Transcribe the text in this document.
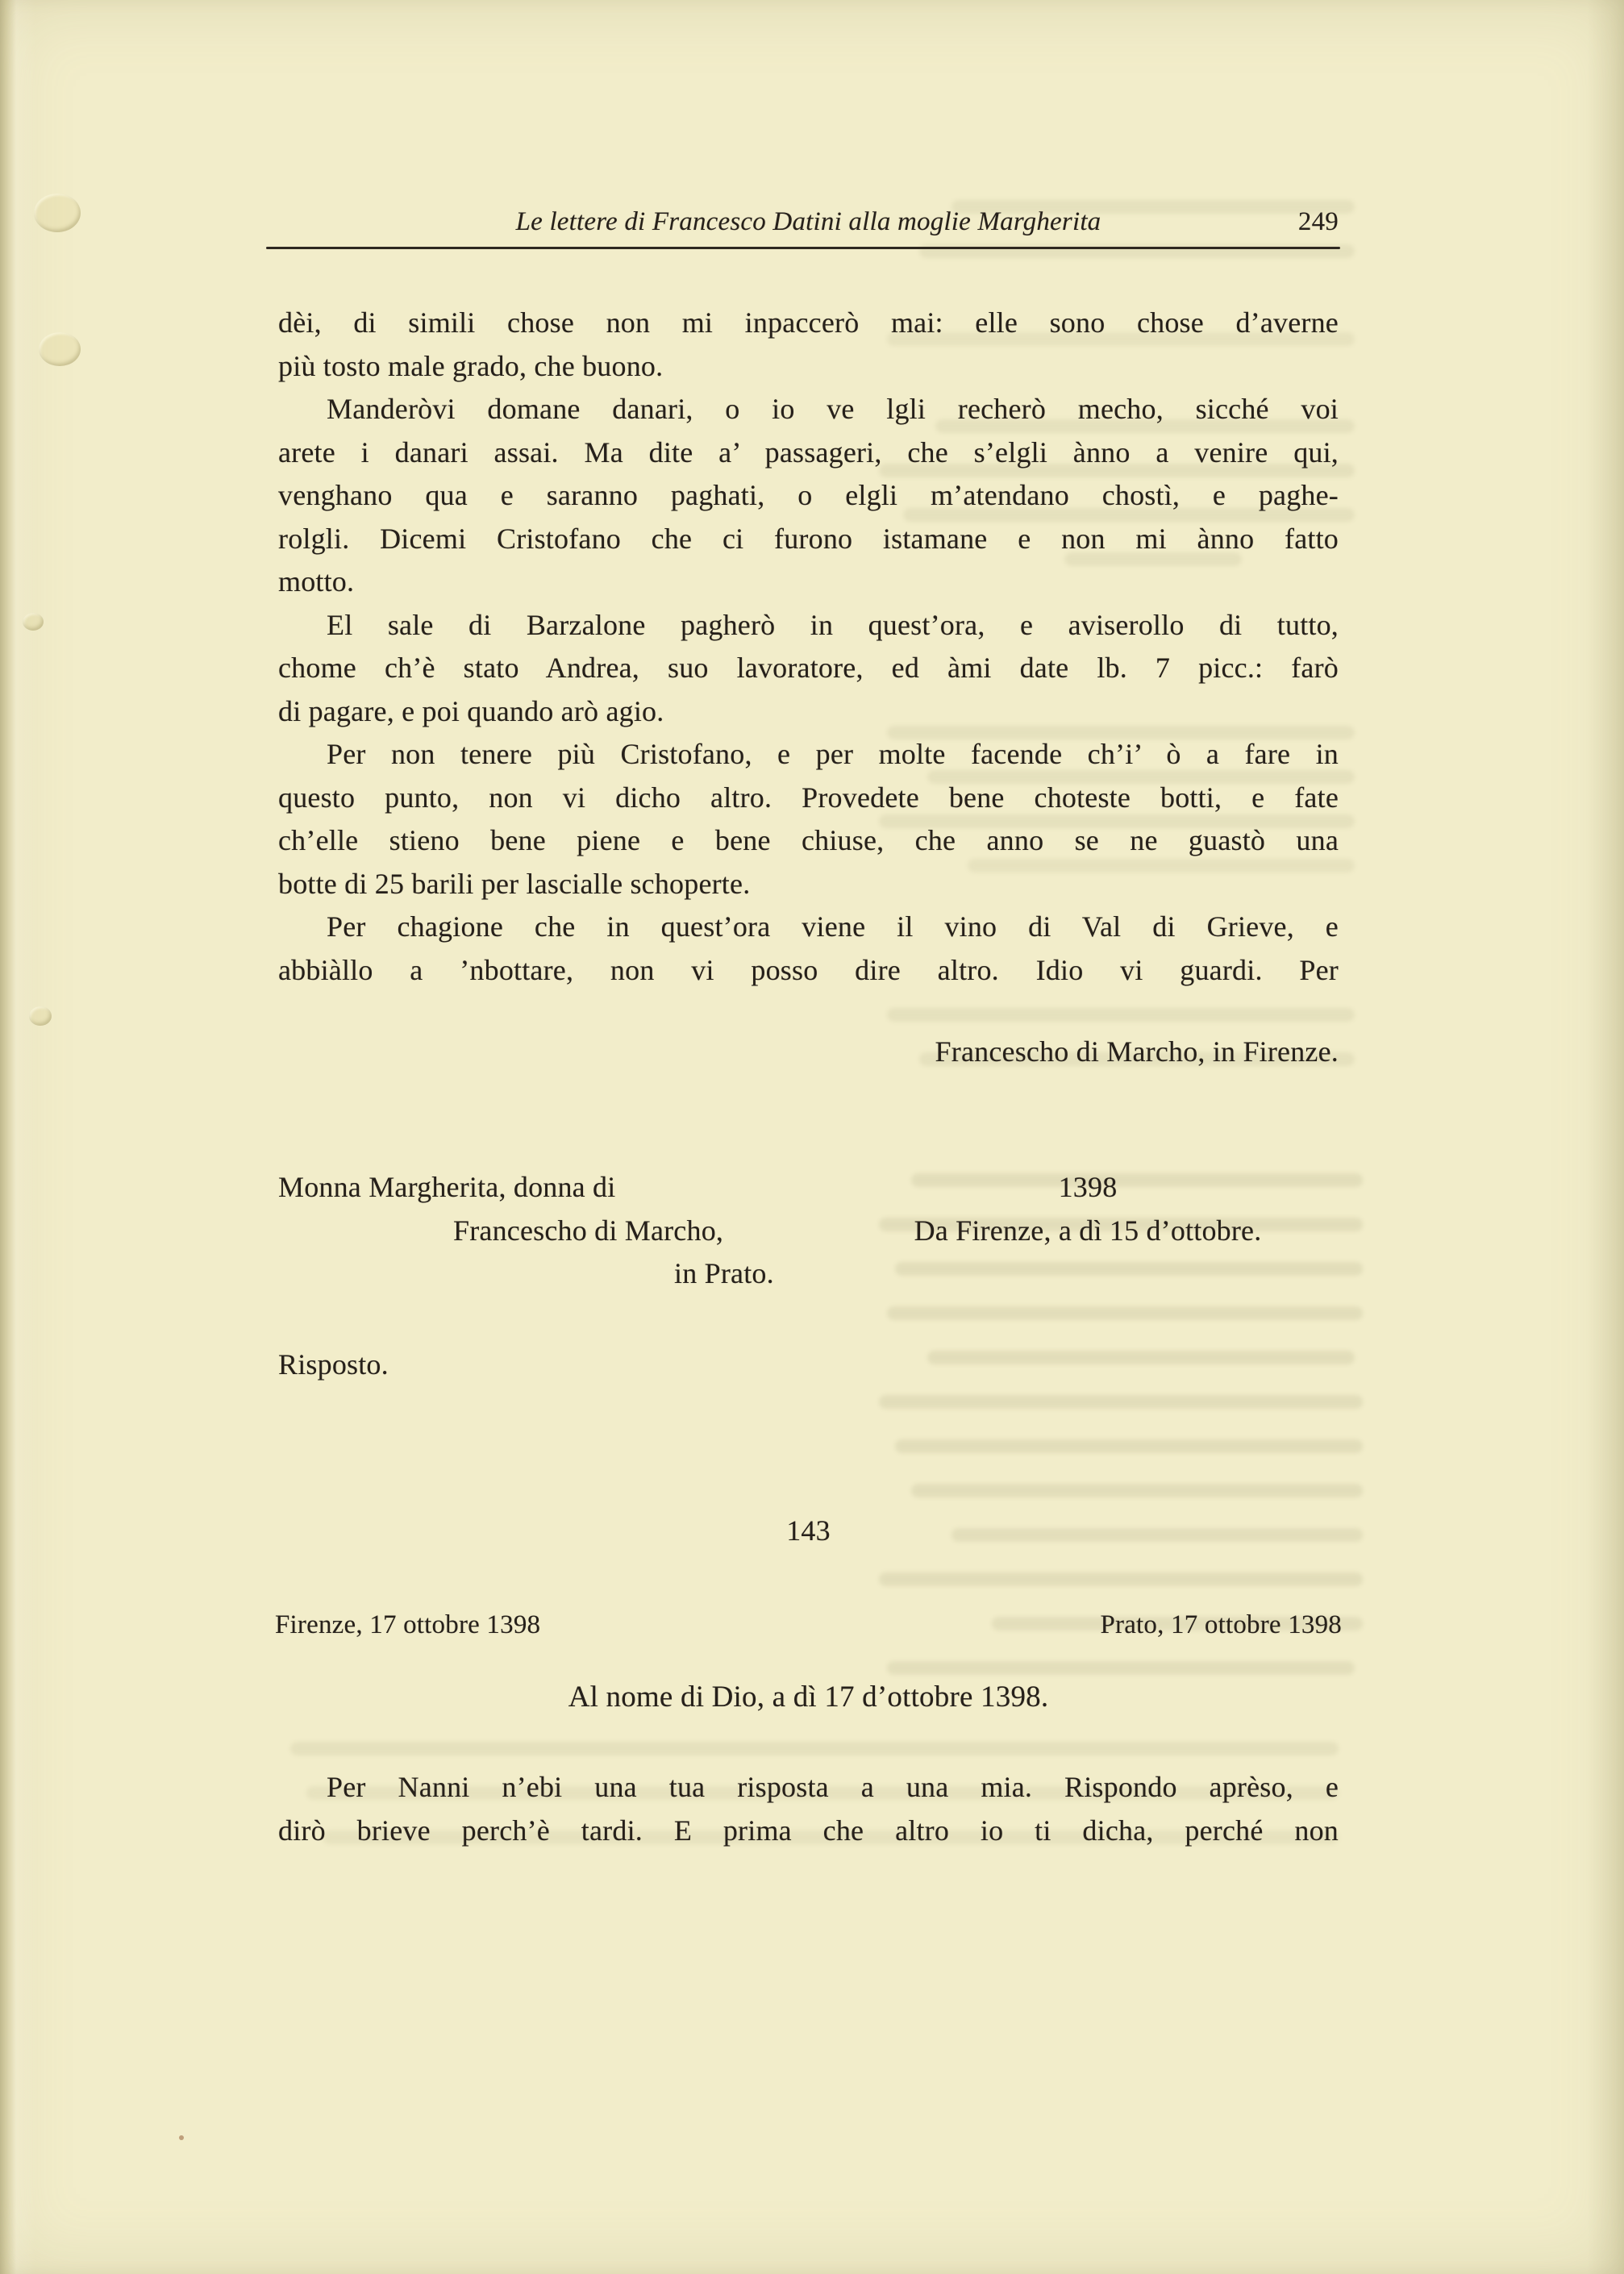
Le lettere di Francesco Datini alla moglie Margherita	249
dèi, di simili chose non mi inpaccerò mai: elle sono chose d’averne
più tosto male grado, che buono.
Manderòvi domane danari, o io ve lgli recherò mecho, sicché voi
arete i danari assai. Ma dite a’ passageri, che s’elgli ànno a venire qui,
venghano qua e saranno paghati, o elgli m’atendano chostì, e paghe-
rolgli. Dicemi Cristofano che ci furono istamane e non mi ànno fatto
motto.
El sale di Barzalone pagherò in quest’ora, e aviserollo di tutto,
chome ch’è stato Andrea, suo lavoratore, ed àmi date lb. 7 picc.: farò
di pagare, e poi quando arò agio.
Per non tenere più Cristofano, e per molte facende ch’i’ ò a fare in
questo punto, non vi dicho altro. Provedete bene choteste botti, e fate
ch’elle stieno bene piene e bene chiuse, che anno se ne guastò una
botte di 25 barili per lascialle schoperte.
Per chagione che in quest’ora viene il vino di Val di Grieve, e
abbiàllo a ’nbottare, non vi posso dire altro. Idio vi guardi. Per
Francescho di Marcho, in Firenze.
Monna Margherita, donna di
Francescho di Marcho,
in Prato.
1398
Da Firenze, a dì 15 d’ottobre.
Risposto.
143
Firenze, 17 ottobre 1398	Prato, 17 ottobre 1398
Al nome di Dio, a dì 17 d’ottobre 1398.
Per Nanni n’ebi una tua risposta a una mia. Rispondo aprèso, e
dirò brieve perch’è tardi. E prima che altro io ti dicha, perché non
